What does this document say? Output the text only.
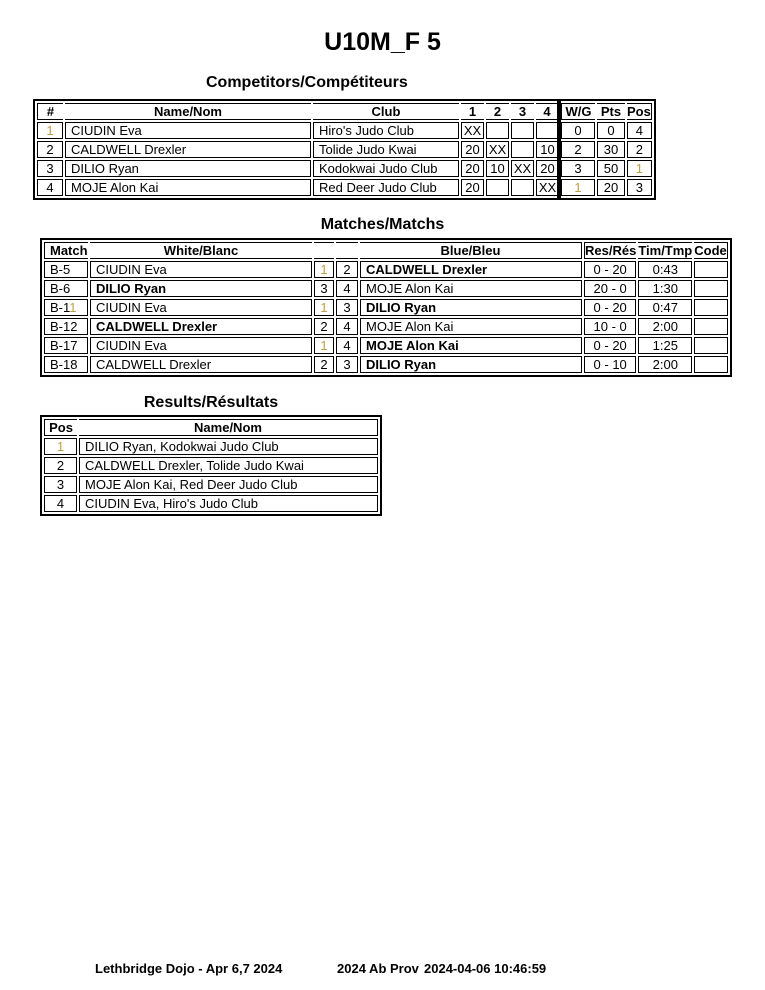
U10M_F 5
Competitors/Compétiteurs
#	Name/Nom	Club	1	2	3	4	W/G	Pts	Pos
1	CIUDIN Eva	Hiro's Judo Club	XX				0	0	4
2	CALDWELL Drexler	Tolide Judo Kwai	20	XX		10	2	30	2
3	DILIO Ryan	Kodokwai Judo Club	20	10	XX	20	3	50	1
4	MOJE Alon Kai	Red Deer Judo Club	20			XX	1	20	3
Matches/Matchs
Match	White/Blanc			Blue/Bleu	Res/Rés	Tim/Tmp	Code
B-5	CIUDIN Eva	1	2	CALDWELL Drexler	0 - 20	0:43	
B-6	DILIO Ryan	3	4	MOJE Alon Kai	20 - 0	1:30	
B-11	CIUDIN Eva	1	3	DILIO Ryan	0 - 20	0:47	
B-12	CALDWELL Drexler	2	4	MOJE Alon Kai	10 - 0	2:00	
B-17	CIUDIN Eva	1	4	MOJE Alon Kai	0 - 20	1:25	
B-18	CALDWELL Drexler	2	3	DILIO Ryan	0 - 10	2:00	
Results/Résultats
Pos	Name/Nom
1	DILIO Ryan, Kodokwai Judo Club
2	CALDWELL Drexler, Tolide Judo Kwai
3	MOJE Alon Kai, Red Deer Judo Club
4	CIUDIN Eva, Hiro's Judo Club
Lethbridge Dojo - Apr 6,7 2024	2024 Ab Prov 2024-04-06 10:46:59
